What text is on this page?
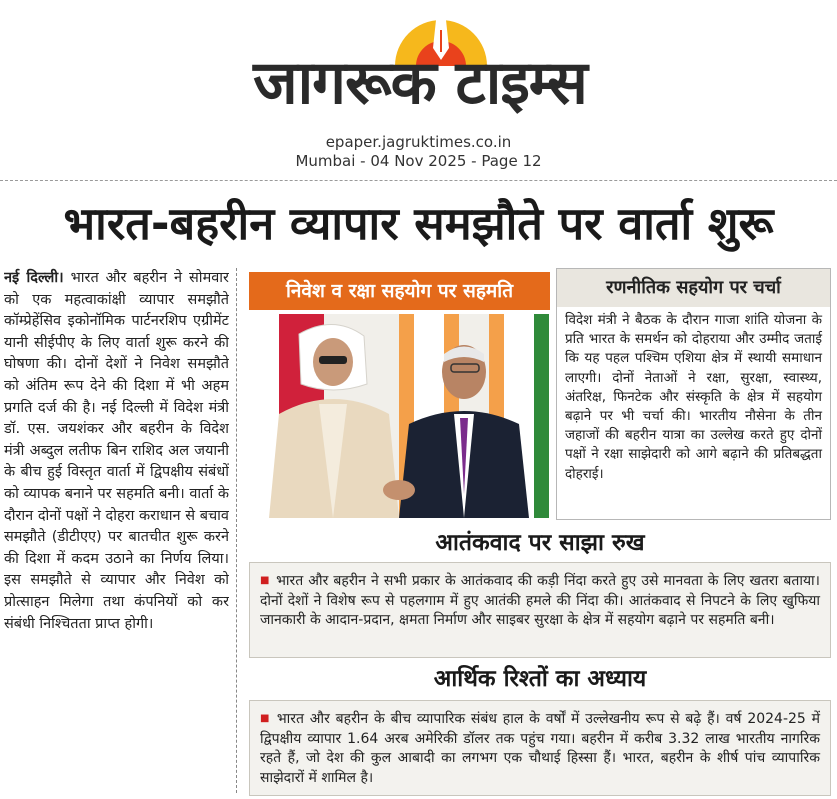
जागरूक टाइम्स
epaper.jagruktimes.co.in
Mumbai - 04 Nov 2025 - Page 12
भारत-बहरीन व्यापार समझौते पर वार्ता शुरू
नई दिल्ली। भारत और बहरीन ने सोमवार को एक महत्वाकांक्षी व्यापार समझौते कॉम्प्रेहेंसिव इकोनॉमिक पार्टनरशिप एग्रीमेंट यानी सीईपीए के लिए वार्ता शुरू करने की घोषणा की। दोनों देशों ने निवेश समझौते को अंतिम रूप देने की दिशा में भी अहम प्रगति दर्ज की है। नई दिल्ली में विदेश मंत्री डॉ. एस. जयशंकर और बहरीन के विदेश मंत्री अब्दुल लतीफ बिन राशिद अल जयानी के बीच हुई विस्तृत वार्ता में द्विपक्षीय संबंधों को व्यापक बनाने पर सहमति बनी। वार्ता के दौरान दोनों पक्षों ने दोहरा कराधान से बचाव समझौते (डीटीएए) पर बातचीत शुरू करने की दिशा में कदम उठाने का निर्णय लिया। इस समझौते से व्यापार और निवेश को प्रोत्साहन मिलेगा तथा कंपनियों को कर संबंधी निश्चितता प्राप्त होगी।
निवेश व रक्षा सहयोग पर सहमति	रणनीतिक सहयोग पर चर्चा
विदेश मंत्री ने बैठक के दौरान गाजा शांति योजना के प्रति भारत के समर्थन को दोहराया और उम्मीद जताई कि यह पहल पश्चिम एशिया क्षेत्र में स्थायी समाधान लाएगी। दोनों नेताओं ने रक्षा, सुरक्षा, स्वास्थ्य, अंतरिक्ष, फिनटेक और संस्कृति के क्षेत्र में सहयोग बढ़ाने पर भी चर्चा की। भारतीय नौसेना के तीन जहाजों की बहरीन यात्रा का उल्लेख करते हुए दोनों पक्षों ने रक्षा साझेदारी को आगे बढ़ाने की प्रतिबद्धता दोहराई।
आतंकवाद पर साझा रुख
■ भारत और बहरीन ने सभी प्रकार के आतंकवाद की कड़ी निंदा करते हुए उसे मानवता के लिए खतरा बताया। दोनों देशों ने विशेष रूप से पहलगाम में हुए आतंकी हमले की निंदा की। आतंकवाद से निपटने के लिए खुफिया जानकारी के आदान-प्रदान, क्षमता निर्माण और साइबर सुरक्षा के क्षेत्र में सहयोग बढ़ाने पर सहमति बनी।
आर्थिक रिश्तों का अध्याय
■ भारत और बहरीन के बीच व्यापारिक संबंध हाल के वर्षों में उल्लेखनीय रूप से बढ़े हैं। वर्ष 2024-25 में द्विपक्षीय व्यापार 1.64 अरब अमेरिकी डॉलर तक पहुंच गया। बहरीन में करीब 3.32 लाख भारतीय नागरिक रहते हैं, जो देश की कुल आबादी का लगभग एक चौथाई हिस्सा हैं। भारत, बहरीन के शीर्ष पांच व्यापारिक साझेदारों में शामिल है।
